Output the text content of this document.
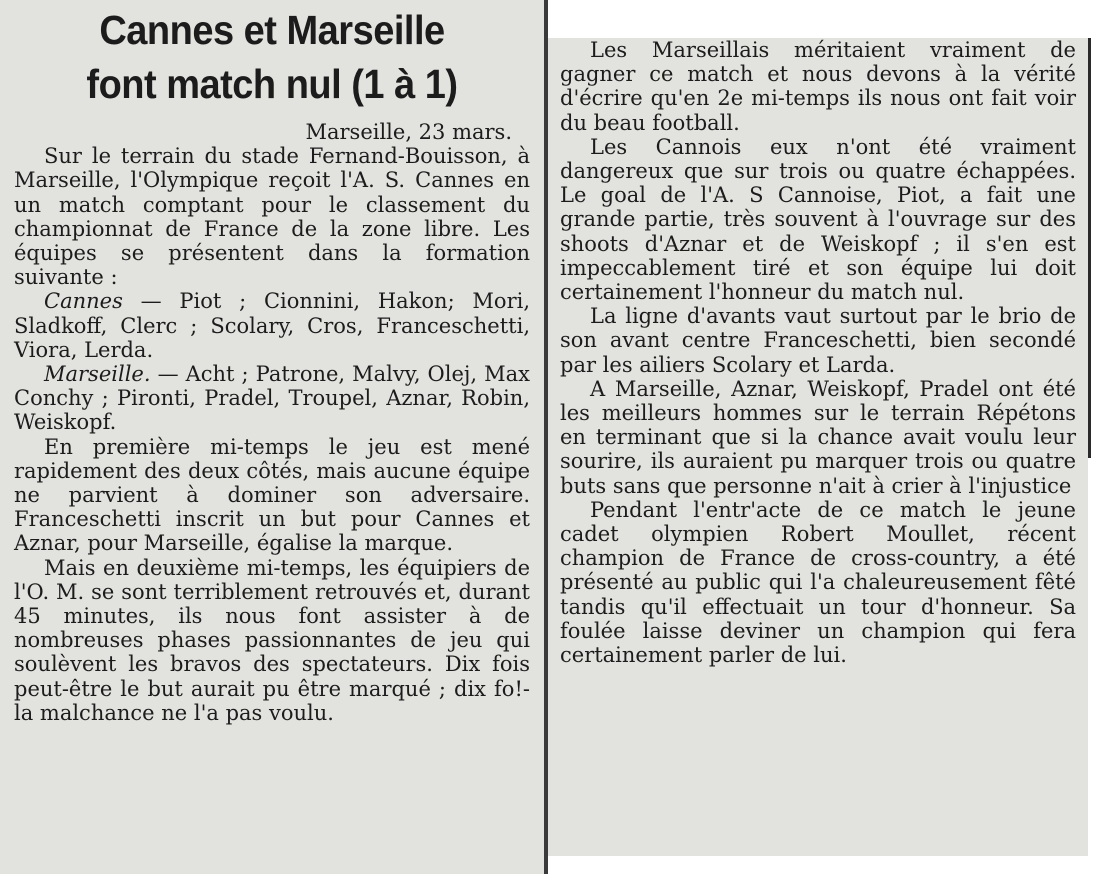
Cannes et Marseille
font match nul (1 à 1)
Marseille, 23 mars.

Sur le terrain du stade Fernand-Bouisson, à Marseille, l'Olympique reçoit l'A. S. Cannes en un match comptant pour le classement du championnat de France de la zone libre. Les équipes se présentent dans la formation suivante :

Cannes — Piot ; Cionnini, Hakon; Mori, Sladkoff, Clerc ; Scolary, Cros, Franceschetti, Viora, Lerda.

Marseille. — Acht ; Patrone, Malvy, Olej, Max Conchy ; Pironti, Pradel, Troupel, Aznar, Robin, Weiskopf.

En première mi-temps le jeu est mené rapidement des deux côtés, mais aucune équipe ne parvient à dominer son adversaire. Franceschetti inscrit un but pour Cannes et Aznar, pour Marseille, égalise la marque.

Mais en deuxième mi-temps, les équipiers de l'O. M. se sont terriblement retrouvés et, durant 45 minutes, ils nous font assister à de nombreuses phases passionnantes de jeu qui soulèvent les bravos des spectateurs. Dix fois peut-être le but aurait pu être marqué ; dix fo!- la malchance ne l'a pas voulu.

Les Marseillais méritaient vraiment de gagner ce match et nous devons à la vérité d'écrire qu'en 2e mi-temps ils nous ont fait voir du beau football.

Les Cannois eux n'ont été vraiment dangereux que sur trois ou quatre échappées. Le goal de l'A. S Cannoise, Piot, a fait une grande partie, très souvent à l'ouvrage sur des shoots d'Aznar et de Weiskopf ; il s'en est impeccablement tiré et son équipe lui doit certainement l'honneur du match nul.

La ligne d'avants vaut surtout par le brio de son avant centre Franceschetti, bien secondé par les ailiers Scolary et Larda.

A Marseille, Aznar, Weiskopf, Pradel ont été les meilleurs hommes sur le terrain Répétons en terminant que si la chance avait voulu leur sourire, ils auraient pu marquer trois ou quatre buts sans que personne n'ait à crier à l'injustice

Pendant l'entr'acte de ce match le jeune cadet olympien Robert Moullet, récent champion de France de cross-country, a été présenté au public qui l'a chaleureusement fêté tandis qu'il effectuait un tour d'honneur. Sa foulée laisse deviner un champion qui fera certainement parler de lui.
